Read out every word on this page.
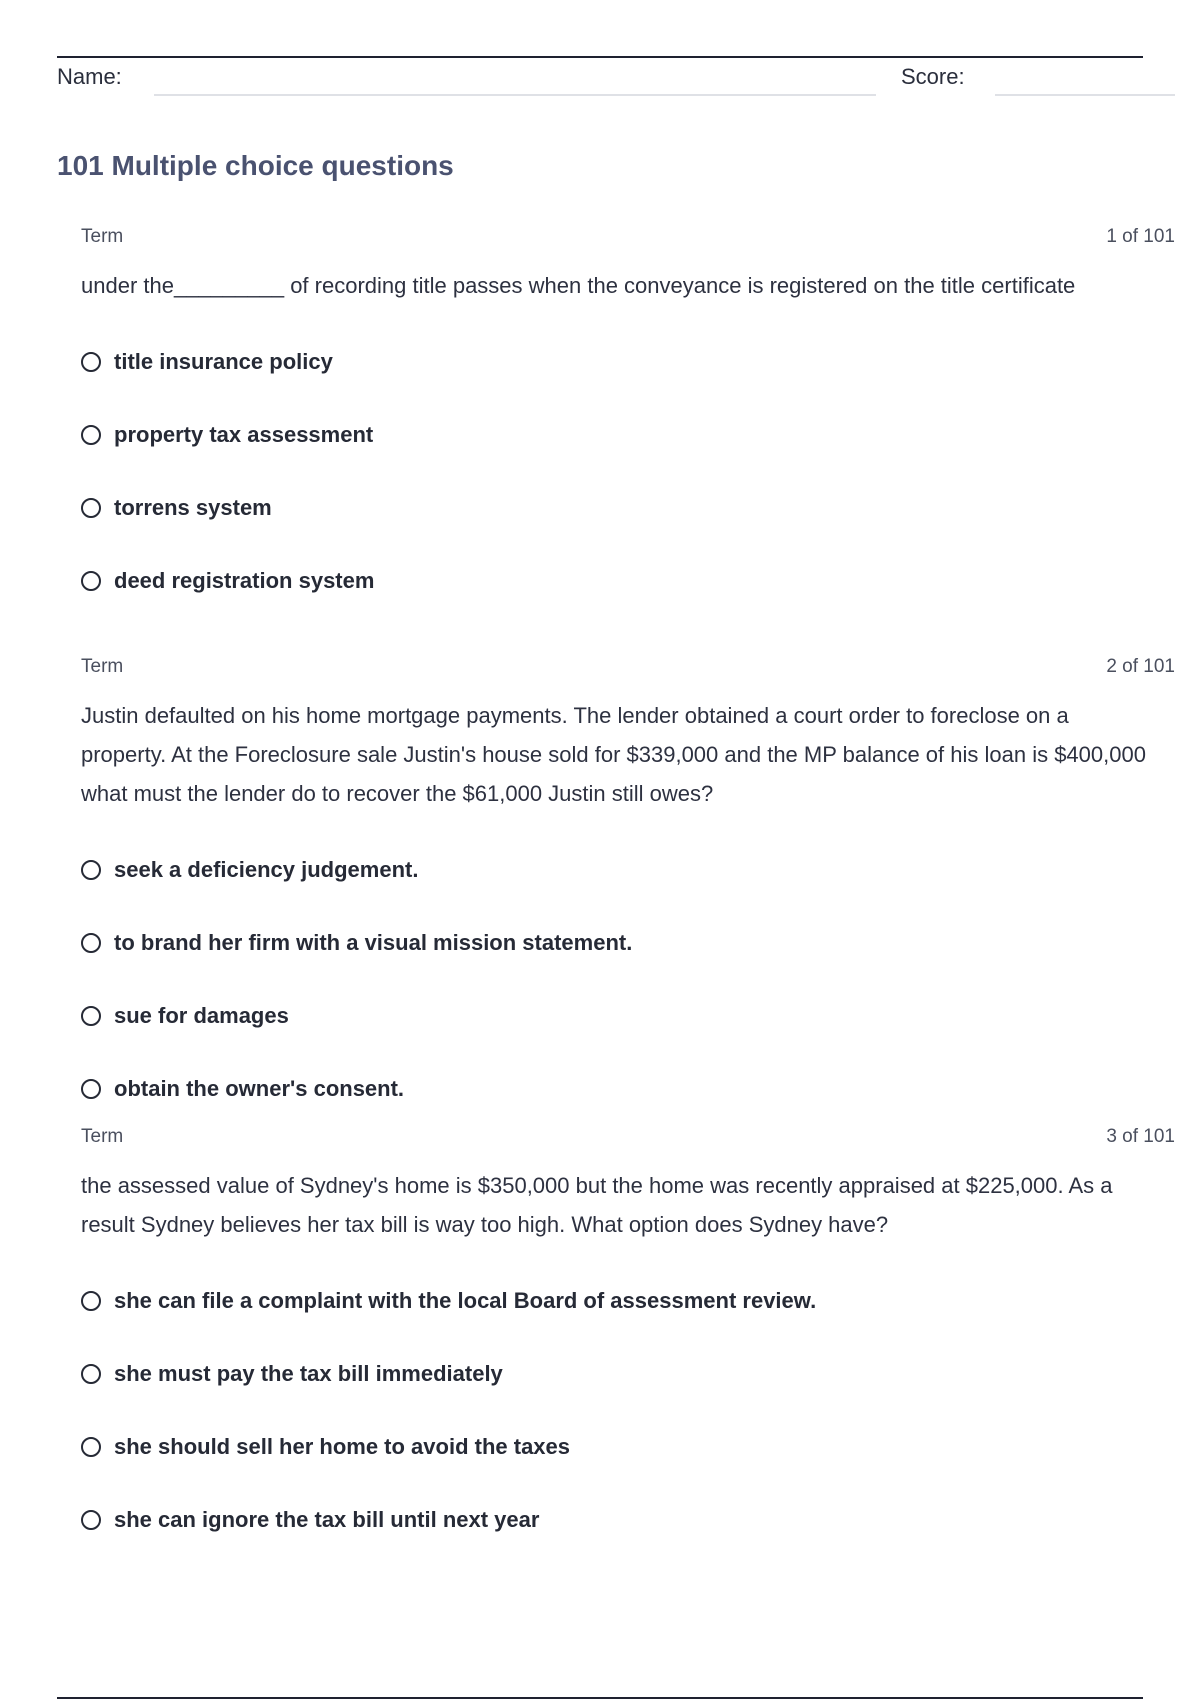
Name:	Score:
101 Multiple choice questions
Term	1 of 101
under the_________ of recording title passes when the conveyance is registered on the title certificate
title insurance policy
property tax assessment
torrens system
deed registration system
Term	2 of 101
Justin defaulted on his home mortgage payments. The lender obtained a court order to foreclose on a property. At the Foreclosure sale Justin's house sold for $339,000 and the MP balance of his loan is $400,000 what must the lender do to recover the $61,000 Justin still owes?
seek a deficiency judgement.
to brand her firm with a visual mission statement.
sue for damages
obtain the owner's consent.
Term	3 of 101
the assessed value of Sydney's home is $350,000 but the home was recently appraised at $225,000. As a result Sydney believes her tax bill is way too high. What option does Sydney have?
she can file a complaint with the local Board of assessment review.
she must pay the tax bill immediately
she should sell her home to avoid the taxes
she can ignore the tax bill until next year
